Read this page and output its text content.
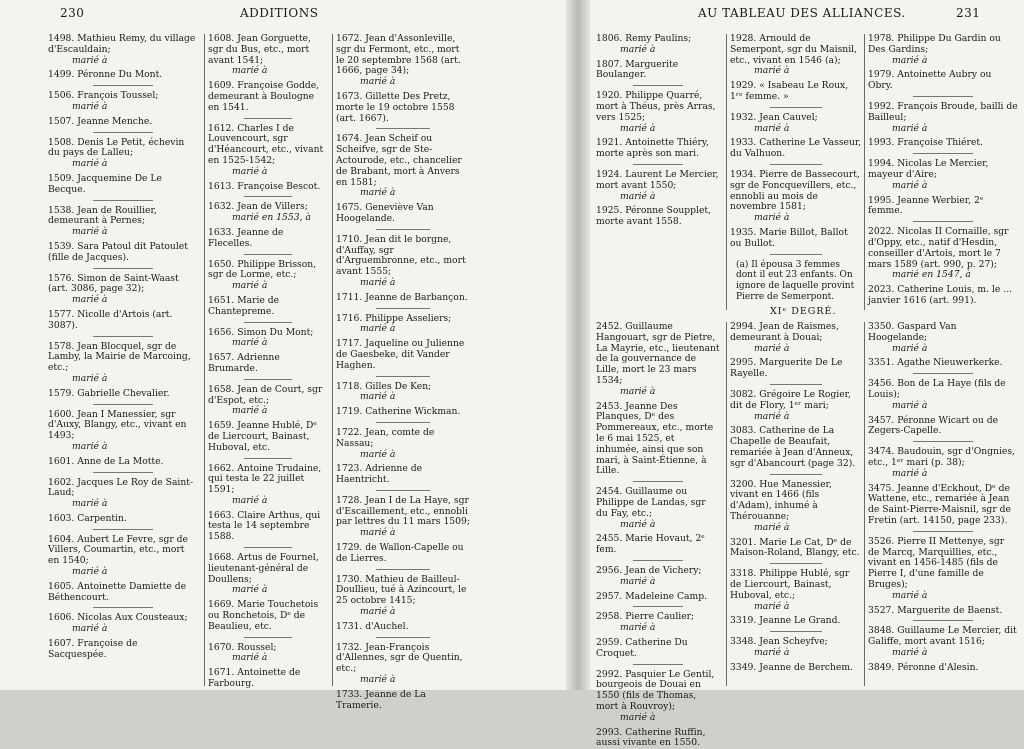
230	ADDITIONS
1498. Mathieu Remy, du village d'Escauldain;
marié à
1499. Péronne Du Mont.
1506. François Toussel;
marié à
1507. Jeanne Menche.
1508. Denis Le Petit, échevin du pays de Lalleu;
marié à
1509. Jacquemine De Le Becque.
1538. Jean de Rouillier, demeurant à Pernes;
marié à
1539. Sara Patoul dit Patoulet (fille de Jacques).
1576. Simon de Saint-Waast (art. 3086, page 32);
marié à
1577. Nicolle d'Artois (art. 3087).
1578. Jean Blocquel, sgr de Lamby, la Mairie de Marcoing, etc.;
marié à
1579. Gabrielle Chevalier.
1600. Jean I Manessier, sgr d'Auxy, Blangy, etc., vivant en 1493;
marié à
1601. Anne de La Motte.
1602. Jacques Le Roy de Saint-Laud;
marié à
1603. Carpentin.
1604. Aubert Le Fevre, sgr de Villers, Coumartin, etc., mort en 1540;
marié à
1605. Antoinette Damiette de Béthencourt.
1606. Nicolas Aux Cousteaux;
marié à
1607. Françoise de Sacquespée.
1608. Jean Gorguette, sgr du Bus, etc., mort avant 1541;
marié à
1609. Françoise Godde, demeurant à Boulogne en 1541.
1612. Charles I de Louvencourt, sgr d'Héancourt, etc., vivant en 1525-1542;
marié à
1613. Françoise Bescot.
1632. Jean de Villers;
marié en 1553, à
1633. Jeanne de Flecelles.
1650. Philippe Brisson, sgr de Lorme, etc.;
marié à
1651. Marie de Chantepreme.
1656. Simon Du Mont;
marié à
1657. Adrienne Brumarde.
1658. Jean de Court, sgr d'Espot, etc.;
marié à
1659. Jeanne Hublé, Dᵉ de Liercourt, Bainast, Huboval, etc.
1662. Antoine Trudaine, qui testa le 22 juillet 1591;
marié à
1663. Claire Arthus, qui testa le 14 septembre 1588.
1668. Artus de Fournel, lieutenant-général de Doullens;
marié à
1669. Marie Touchetois ou Ronchetois, Dᵉ de Beaulieu, etc.
1670. Roussel;
marié à
1671. Antoinette de Farbourg.
1672. Jean d'Assonleville, sgr du Fermont, etc., mort le 20 septembre 1568 (art. 1666, page 34);
marié à
1673. Gillette Des Pretz, morte le 19 octobre 1558 (art. 1667).
1674. Jean Scheif ou Scheifve, sgr de Ste-Actourode, etc., chancelier de Brabant, mort à Anvers en 1581;
marié à
1675. Geneviève Van Hoogelande.
1710. Jean dit le borgne, d'Auffay, sgr d'Arguembronne, etc., mort avant 1555;
marié à
1711. Jeanne de Barbançon.
1716. Philippe Asseliers;
marié à
1717. Jaqueline ou Julienne de Gaesbeke, dit Vander Haghen.
1718. Gilles De Ken;
marié à
1719. Catherine Wickman.
1722. Jean, comte de Nassau;
marié à
1723. Adrienne de Haentricht.
1728. Jean I de La Haye, sgr d'Escaillement, etc., ennobli par lettres du 11 mars 1509;
marié à
1729. de Wallon-Capelle ou de Lierres.
1730. Mathieu de Bailleul-Doullieu, tué à Azincourt, le 25 octobre 1415;
marié à
1731. d'Auchel.
1732. Jean-François d'Allennes, sgr de Quentin, etc.;
marié à
1733. Jeanne de La Tramerie.
AU TABLEAU DES ALLIANCES.	231
1806. Remy Paulins;
marié à
1807. Marguerite Boulanger.
1920. Philippe Quarré, mort à Théus, près Arras, vers 1525;
marié à
1921. Antoinette Thiéry, morte après son mari.
1924. Laurent Le Mercier, mort avant 1550;
marié à
1925. Péronne Soupplet, morte avant 1558.
1928. Arnould de Semerpont, sgr du Maisnil, etc., vivant en 1546 (a);
marié à
1929. « Isabeau Le Roux, 1ʳᵉ femme. »
1932. Jean Cauvel;
marié à
1933. Catherine Le Vasseur, du Valhuon.
1934. Pierre de Bassecourt, sgr de Foncquevillers, etc., ennobli au mois de novembre 1581;
marié à
1935. Marie Billot, Ballot ou Bullot.
(a) Il épousa 3 femmes dont il eut 23 enfants. On ignore de laquelle provint Pierre de Semerpont.
1978. Philippe Du Gardin ou Des Gardins;
marié à
1979. Antoinette Aubry ou Obry.
1992. François Broude, bailli de Bailleul;
marié à
1993. Françoise Thiéret.
1994. Nicolas Le Mercier, mayeur d'Aire;
marié à
1995. Jeanne Werbier, 2ᵉ femme.
2022. Nicolas II Cornaille, sgr d'Oppy, etc., natif d'Hesdin, conseiller d'Artois, mort le 7 mars 1589 (art. 990, p. 27);
marié en 1547, à
2023. Catherine Louis, m. le ... janvier 1616 (art. 991).
XIᵉ DEGRÉ.
2452. Guillaume Hangouart, sgr de Pietre, La Mayrie, etc., lieutenant de la gouvernance de Lille, mort le 23 mars 1534;
marié à
2453. Jeanne Des Planques, Dᵉ des Pommereaux, etc., morte le 6 mai 1525, et inhumée, ainsi que son mari, à Saint-Étienne, à Lille.
2454. Guillaume ou Philippe de Landas, sgr du Fay, etc.;
marié à
2455. Marie Hovaut, 2ᵉ fem.
2956. Jean de Vichery;
marié à
2957. Madeleine Camp.
2958. Pierre Caulier;
marié à
2959. Catherine Du Croquet.
2992. Pasquier Le Gentil, bourgeois de Douai en 1550 (fils de Thomas, mort à Rouvroy);
marié à
2993. Catherine Ruffin, aussi vivante en 1550.
2994. Jean de Raismes, demeurant à Douai;
marié à
2995. Marguerite De Le Rayelle.
3082. Grégoire Le Rogier, dit de Flory, 1ᵉʳ mari;
marié à
3083. Catherine de La Chapelle de Beaufait, remariée à Jean d'Anneux, sgr d'Abancourt (page 32).
3200. Hue Manessier, vivant en 1466 (fils d'Adam), inhumé à Thérouanne;
marié à
3201. Marie Le Cat, Dᵉ de Maison-Roland, Blangy, etc.
3318. Philippe Hublé, sgr de Liercourt, Bainast, Huboval, etc.;
marié à
3319. Jeanne Le Grand.
3348. Jean Scheyfve;
marié à
3349. Jeanne de Berchem.
3350. Gaspard Van Hoogelande;
marié à
3351. Agathe Nieuwerkerke.
3456. Bon de La Haye (fils de Louis);
marié à
3457. Péronne Wicart ou de Zegers-Capelle.
3474. Baudouin, sgr d'Ongnies, etc., 1ᵉʳ mari (p. 38);
marié à
3475. Jeanne d'Eckhout, Dᵉ de Wattene, etc., remariée à Jean de Saint-Pierre-Maisnil, sgr de Fretin (art. 14150, page 233).
3526. Pierre II Mettenye, sgr de Marcq, Marquillies, etc., vivant en 1456-1485 (fils de Pierre I, d'une famille de Bruges);
marié à
3527. Marguerite de Baenst.
3848. Guillaume Le Mercier, dit Galiffe, mort avant 1516;
marié à
3849. Péronne d'Alesin.
